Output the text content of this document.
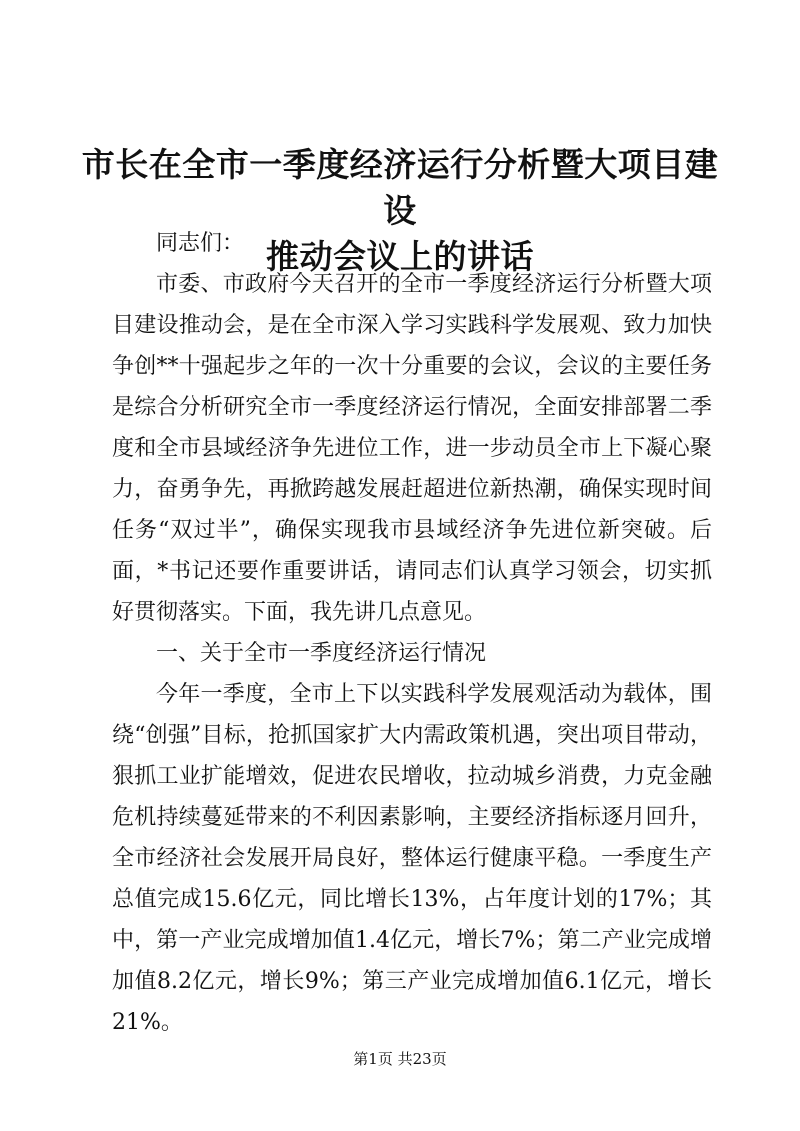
市长在全市一季度经济运行分析暨大项目建设
推动会议上的讲话

同志们：

市委、市政府今天召开的全市一季度经济运行分析暨大项目建设推动会，是在全市深入学习实践科学发展观、致力加快争创**十强起步之年的一次十分重要的会议，会议的主要任务是综合分析研究全市一季度经济运行情况，全面安排部署二季度和全市县域经济争先进位工作，进一步动员全市上下凝心聚力，奋勇争先，再掀跨越发展赶超进位新热潮，确保实现时间任务“双过半”，确保实现我市县域经济争先进位新突破。后面，*书记还要作重要讲话，请同志们认真学习领会，切实抓好贯彻落实。下面，我先讲几点意见。

一、关于全市一季度经济运行情况

今年一季度，全市上下以实践科学发展观活动为载体，围绕“创强”目标，抢抓国家扩大内需政策机遇，突出项目带动，狠抓工业扩能增效，促进农民增收，拉动城乡消费，力克金融危机持续蔓延带来的不利因素影响，主要经济指标逐月回升，全市经济社会发展开局良好，整体运行健康平稳。一季度生产总值完成15.6亿元，同比增长13%，占年度计划的17%；其中，第一产业完成增加值1.4亿元，增长7%；第二产业完成增加值8.2亿元，增长9%；第三产业完成增加值6.1亿元，增长21%。

第1页 共23页
